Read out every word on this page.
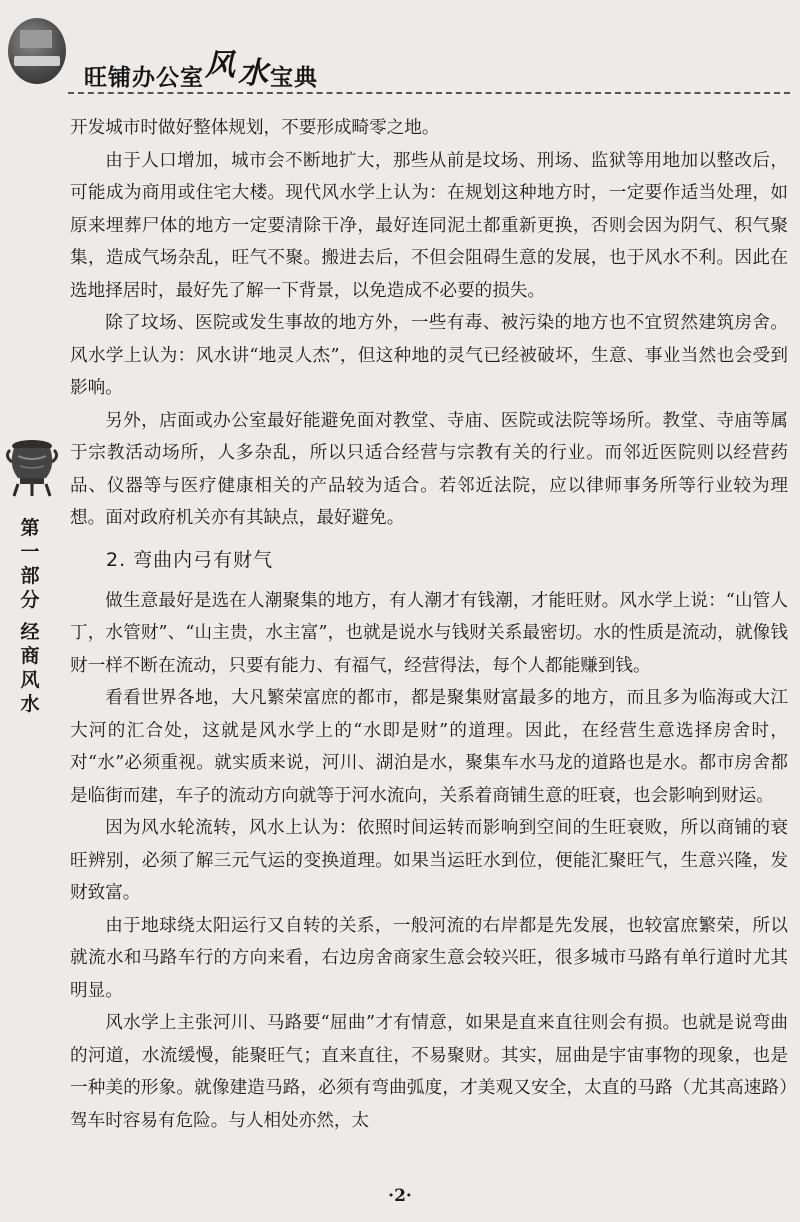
旺铺办公室风水宝典
第
一
部
分
经
商
风
水

开发城市时做好整体规划，不要形成畸零之地。

由于人口增加，城市会不断地扩大，那些从前是坟场、刑场、监狱等用地加以整改后，可能成为商用或住宅大楼。现代风水学上认为：在规划这种地方时，一定要作适当处理，如原来埋葬尸体的地方一定要清除干净，最好连同泥土都重新更换，否则会因为阴气、积气聚集，造成气场杂乱，旺气不聚。搬进去后，不但会阻碍生意的发展，也于风水不利。因此在选地择居时，最好先了解一下背景，以免造成不必要的损失。

除了坟场、医院或发生事故的地方外，一些有毒、被污染的地方也不宜贸然建筑房舍。风水学上认为：风水讲“地灵人杰”，但这种地的灵气已经被破坏，生意、事业当然也会受到影响。

另外，店面或办公室最好能避免面对教堂、寺庙、医院或法院等场所。教堂、寺庙等属于宗教活动场所，人多杂乱，所以只适合经营与宗教有关的行业。而邻近医院则以经营药品、仪器等与医疗健康相关的产品较为适合。若邻近法院，应以律师事务所等行业较为理想。面对政府机关亦有其缺点，最好避免。

2. 弯曲内弓有财气

做生意最好是选在人潮聚集的地方，有人潮才有钱潮，才能旺财。风水学上说：“山管人丁，水管财”、“山主贵，水主富”，也就是说水与钱财关系最密切。水的性质是流动，就像钱财一样不断在流动，只要有能力、有福气，经营得法，每个人都能赚到钱。

看看世界各地，大凡繁荣富庶的都市，都是聚集财富最多的地方，而且多为临海或大江大河的汇合处，这就是风水学上的“水即是财”的道理。因此，在经营生意选择房舍时，对“水”必须重视。就实质来说，河川、湖泊是水，聚集车水马龙的道路也是水。都市房舍都是临街而建，车子的流动方向就等于河水流向，关系着商铺生意的旺衰，也会影响到财运。

因为风水轮流转，风水上认为：依照时间运转而影响到空间的生旺衰败，所以商铺的衰旺辨别，必须了解三元气运的变换道理。如果当运旺水到位，便能汇聚旺气，生意兴隆，发财致富。

由于地球绕太阳运行又自转的关系，一般河流的右岸都是先发展，也较富庶繁荣，所以就流水和马路车行的方向来看，右边房舍商家生意会较兴旺，很多城市马路有单行道时尤其明显。

风水学上主张河川、马路要“屈曲”才有情意，如果是直来直往则会有损。也就是说弯曲的河道，水流缓慢，能聚旺气；直来直往，不易聚财。其实，屈曲是宇宙事物的现象，也是一种美的形象。就像建造马路，必须有弯曲弧度，才美观又安全，太直的马路（尤其高速路）驾车时容易有危险。与人相处亦然，太

·2·
